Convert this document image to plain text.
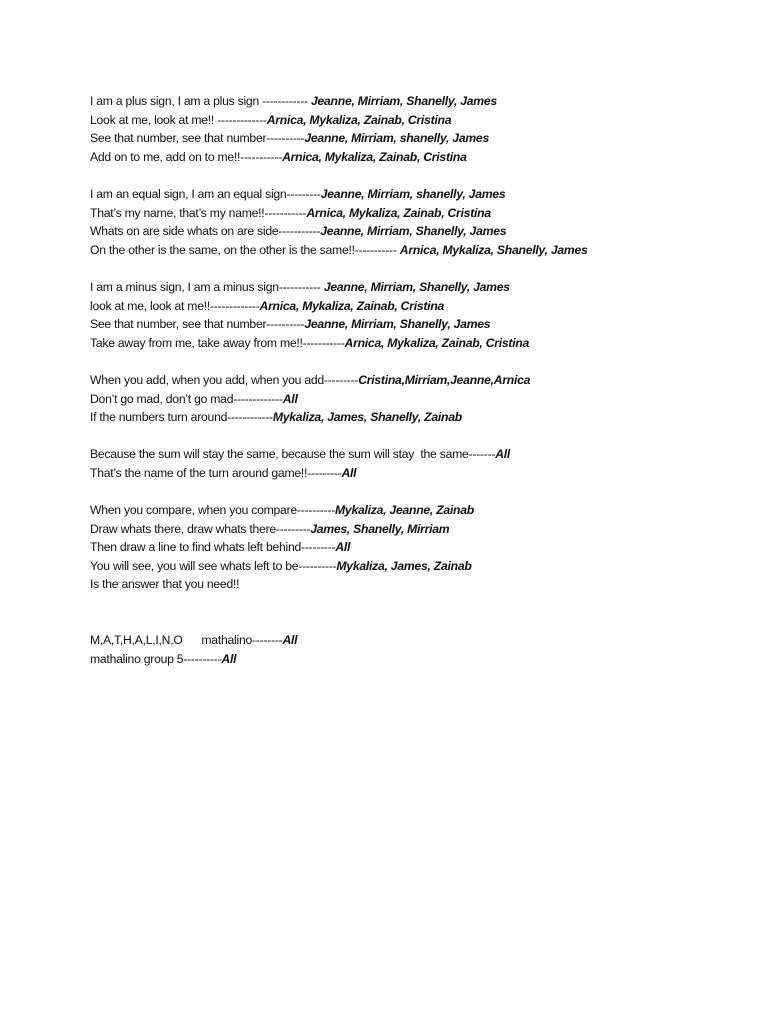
I am a plus sign, I am a plus sign ------------ Jeanne, Mirriam, Shanelly, James
Look at me, look at me!! -------------Arnica, Mykaliza, Zainab, Cristina
See that number, see that number----------Jeanne, Mirriam, shanelly, James
Add on to me, add on to me!!-----------Arnica, Mykaliza, Zainab, Cristina
I am an equal sign, I am an equal sign---------Jeanne, Mirriam, shanelly, James
That’s my name, that’s my name!!-----------Arnica, Mykaliza, Zainab, Cristina
Whats on are side whats on are side-----------Jeanne, Mirriam, Shanelly, James
On the other is the same, on the other is the same!!----------- Arnica, Mykaliza, Shanelly, James
I am a minus sign, I am a minus sign----------- Jeanne, Mirriam, Shanelly, James
look at me, look at me!!-------------Arnica, Mykaliza, Zainab, Cristina
See that number, see that number----------Jeanne, Mirriam, Shanelly, James
Take away from me, take away from me!!-----------Arnica, Mykaliza, Zainab, Cristina
When you add, when you add, when you add---------Cristina,Mirriam,Jeanne,Arnica
Don’t go mad, don’t go mad-------------All
If the numbers turn around------------Mykaliza, James, Shanelly, Zainab
Because the sum will stay the same, because the sum will stay  the same-------All
That’s the name of the turn around game!!---------All
When you compare, when you compare----------Mykaliza, Jeanne, Zainab
Draw whats there, draw whats there---------James, Shanelly, Mirriam
Then draw a line to find whats left behind---------All
You will see, you will see whats left to be----------Mykaliza, James, Zainab
Is the answer that you need!!
M,A,T,H,A,L,I,N,O      mathalino--------All
mathalino group 5----------All
